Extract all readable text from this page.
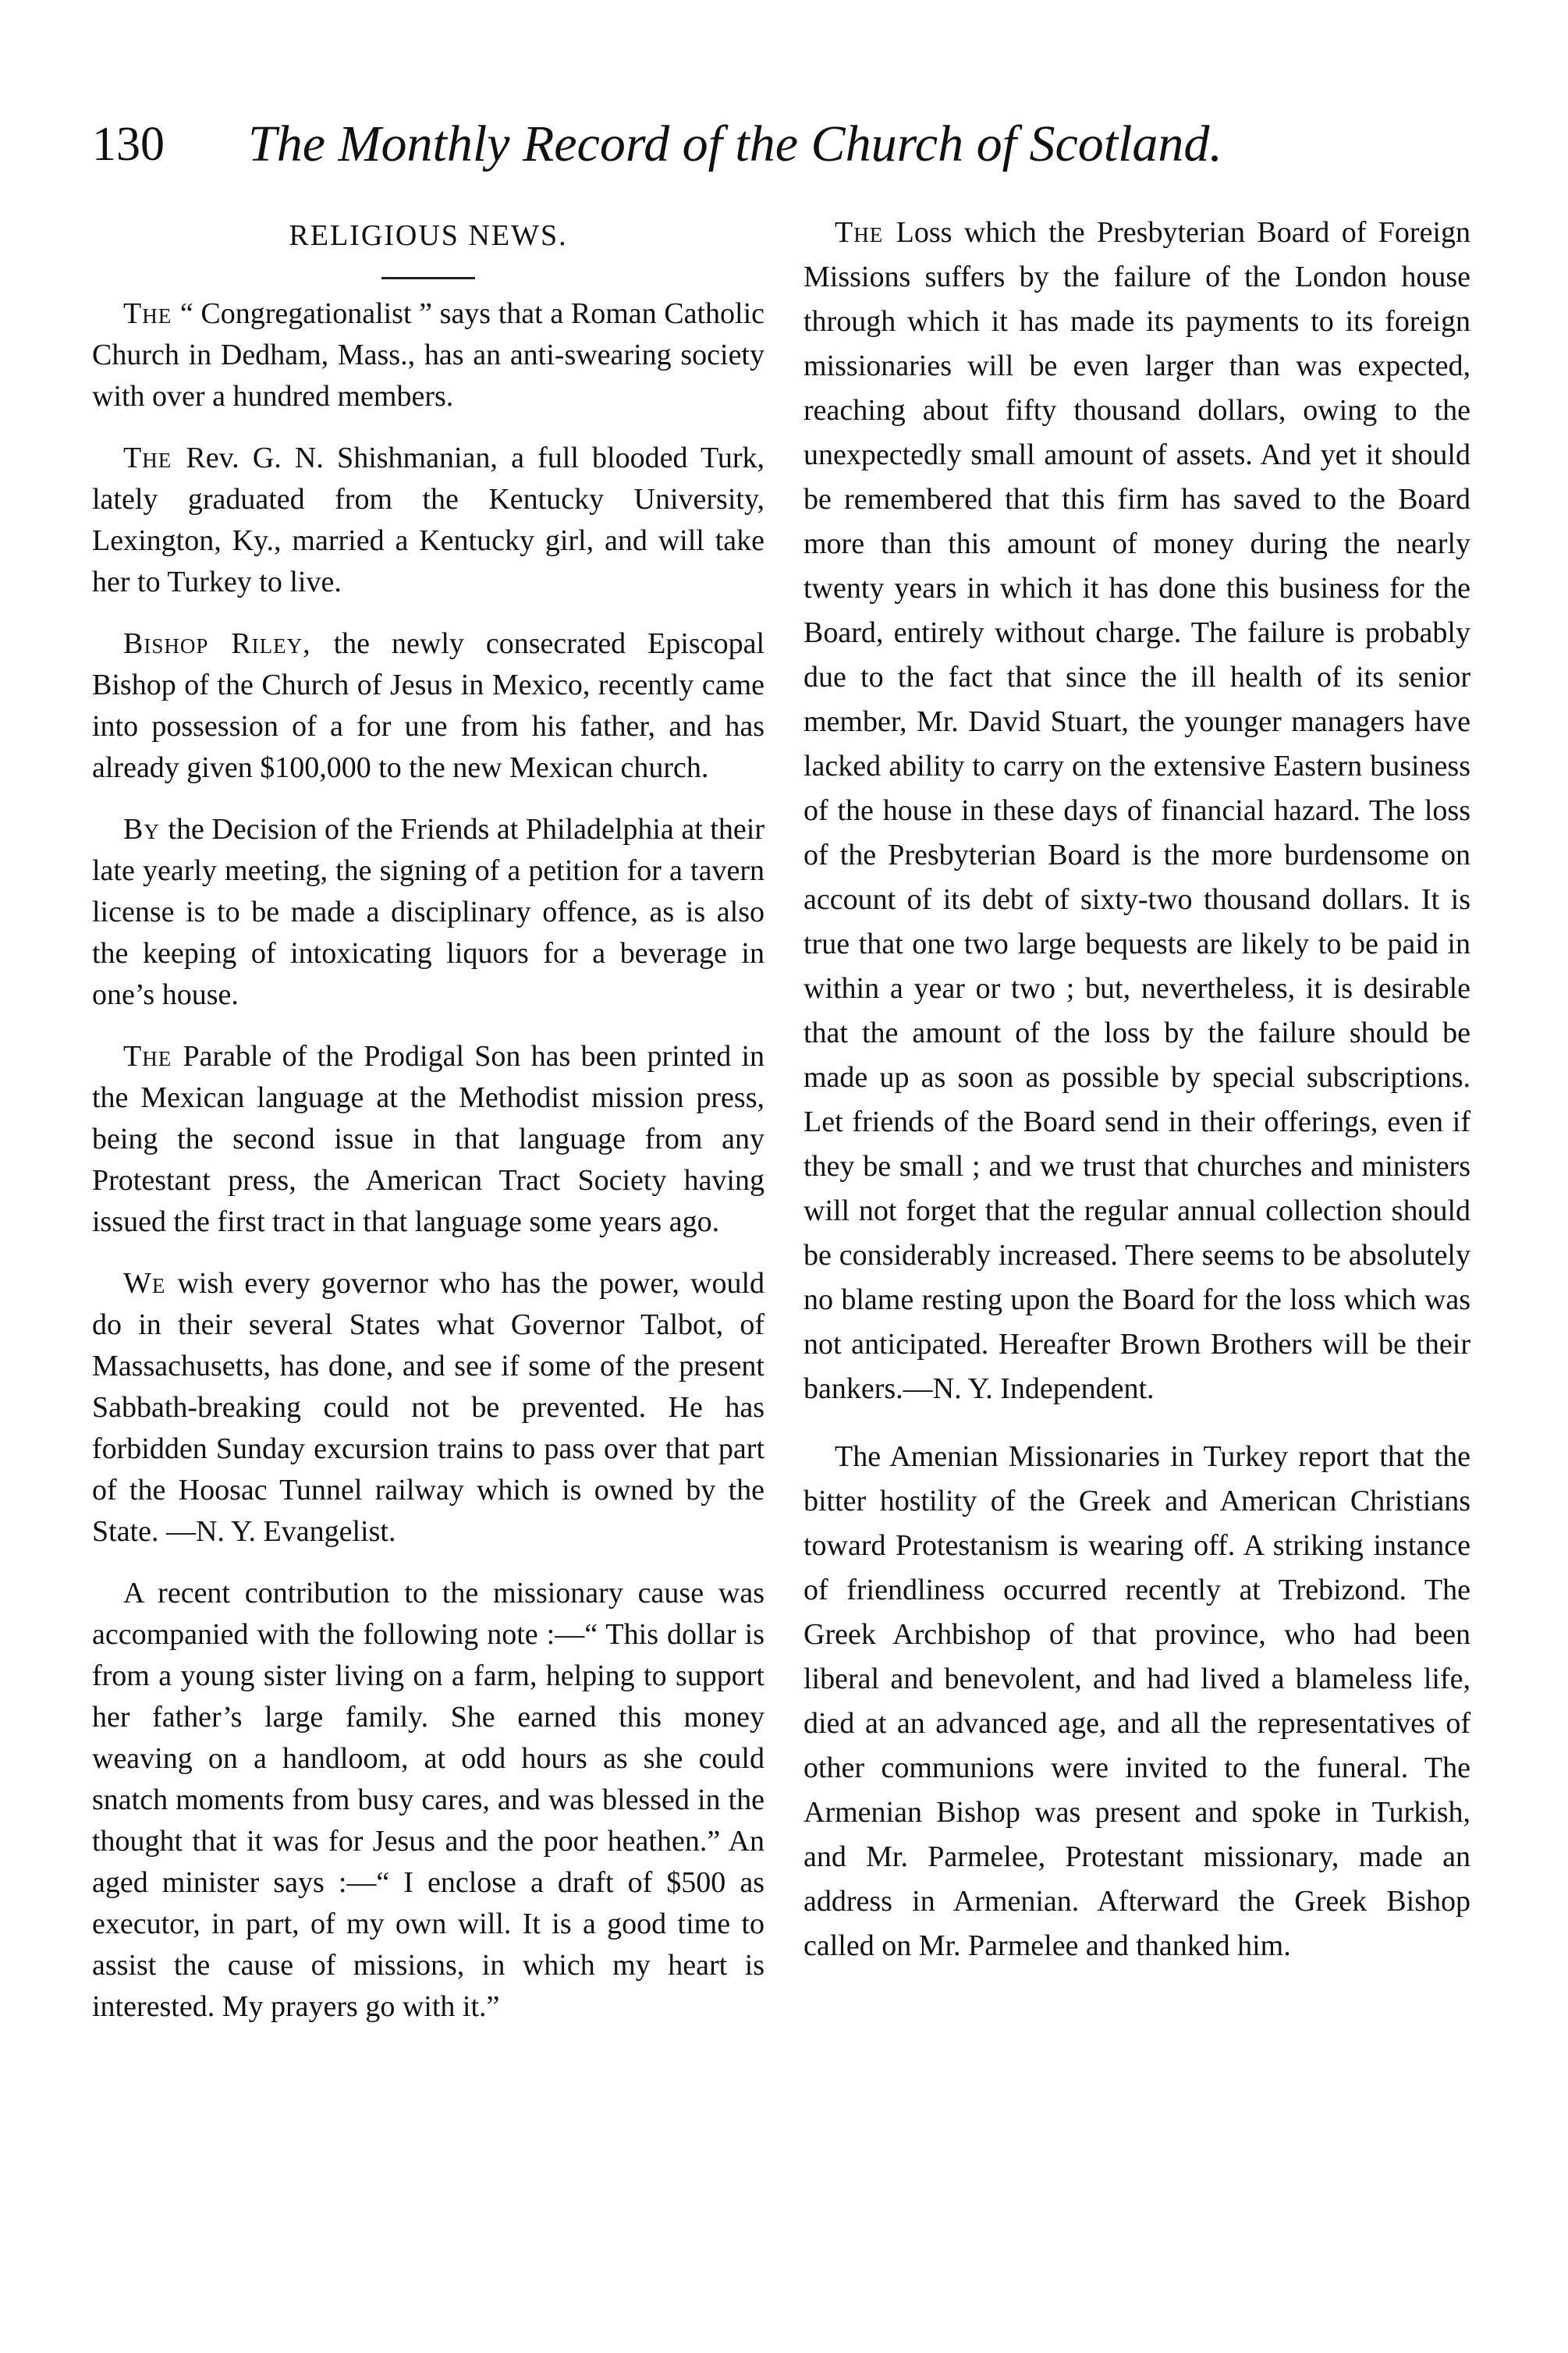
130 The Monthly Record of the Church of Scotland.
RELIGIOUS NEWS.

The “ Congregationalist ” says that a Roman Catholic Church in Dedham, Mass., has an anti-swearing society with over a hundred members.

The Rev. G. N. Shishmanian, a full blooded Turk, lately graduated from the Kentucky University, Lexington, Ky., married a Kentucky girl, and will take her to Turkey to live.

Bishop Riley, the newly consecrated Episcopal Bishop of the Church of Jesus in Mexico, recently came into possession of a for une from his father, and has already given $100,000 to the new Mexican church.

By the Decision of the Friends at Philadelphia at their late yearly meeting, the signing of a petition for a tavern license is to be made a disciplinary offence, as is also the keeping of intoxicating liquors for a beverage in one’s house.

The Parable of the Prodigal Son has been printed in the Mexican language at the Methodist mission press, being the second issue in that language from any Protestant press, the American Tract Society having issued the first tract in that language some years ago.

We wish every governor who has the power, would do in their several States what Governor Talbot, of Massachusetts, has done, and see if some of the present Sabbath-breaking could not be prevented. He has forbidden Sunday excursion trains to pass over that part of the Hoosac Tunnel railway which is owned by the State. —N. Y. Evangelist.

A recent contribution to the missionary cause was accompanied with the following note :—“ This dollar is from a young sister living on a farm, helping to support her father’s large family. She earned this money weaving on a handloom, at odd hours as she could snatch moments from busy cares, and was blessed in the thought that it was for Jesus and the poor heathen.” An aged minister says :—“ I enclose a draft of $500 as executor, in part, of my own will. It is a good time to assist the cause of missions, in which my heart is interested. My prayers go with it.”

The Loss which the Presbyterian Board of Foreign Missions suffers by the failure of the London house through which it has made its payments to its foreign missionaries will be even larger than was expected, reaching about fifty thousand dollars, owing to the unexpectedly small amount of assets. And yet it should be remembered that this firm has saved to the Board more than this amount of money during the nearly twenty years in which it has done this business for the Board, entirely without charge. The failure is probably due to the fact that since the ill health of its senior member, Mr. David Stuart, the younger managers have lacked ability to carry on the extensive Eastern business of the house in these days of financial hazard. The loss of the Presbyterian Board is the more burdensome on account of its debt of sixty-two thousand dollars. It is true that one two large bequests are likely to be paid in within a year or two ; but, nevertheless, it is desirable that the amount of the loss by the failure should be made up as soon as possible by special subscriptions. Let friends of the Board send in their offerings, even if they be small ; and we trust that churches and ministers will not forget that the regular annual collection should be considerably increased. There seems to be absolutely no blame resting upon the Board for the loss which was not anticipated. Hereafter Brown Brothers will be their bankers.—N. Y. Independent.

The Amenian Missionaries in Turkey report that the bitter hostility of the Greek and American Christians toward Protestanism is wearing off. A striking instance of friendliness occurred recently at Trebizond. The Greek Archbishop of that province, who had been liberal and benevolent, and had lived a blameless life, died at an advanced age, and all the representatives of other communions were invited to the funeral. The Armenian Bishop was present and spoke in Turkish, and Mr. Parmelee, Protestant missionary, made an address in Armenian. Afterward the Greek Bishop called on Mr. Parmelee and thanked him.
